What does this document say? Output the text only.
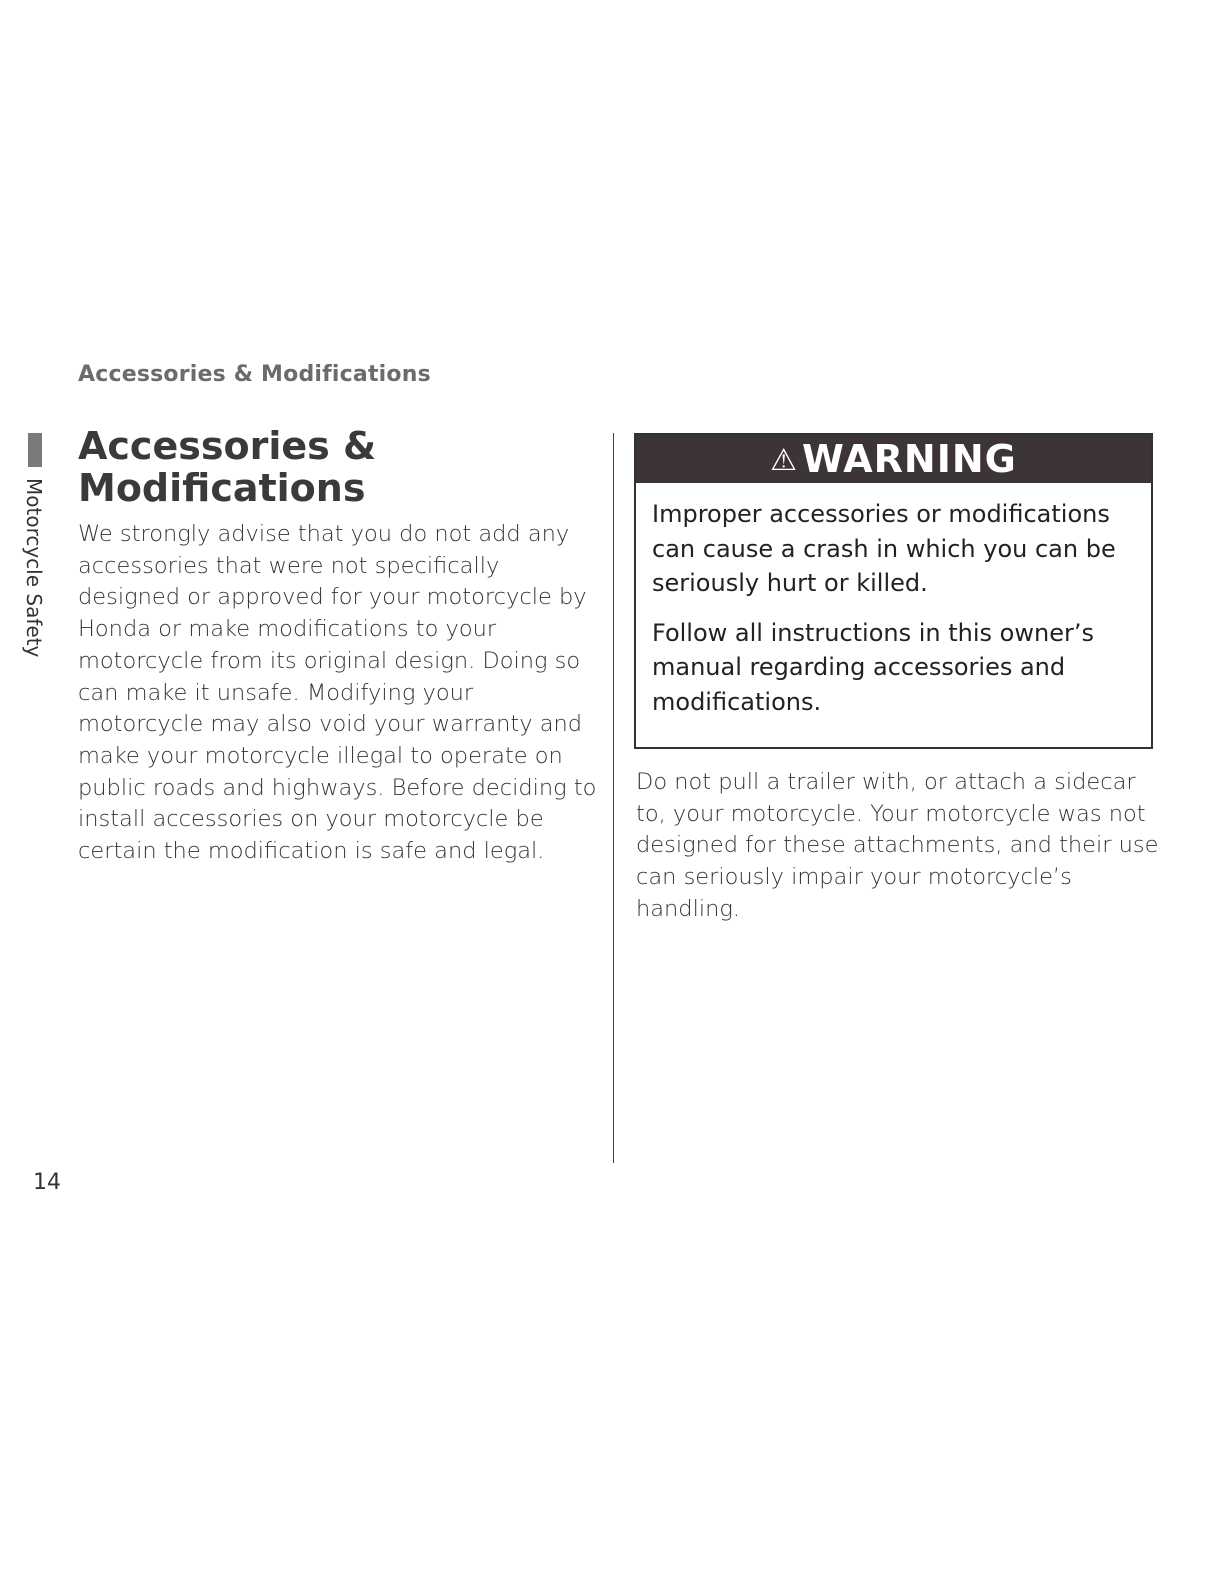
Accessories & Modifications
Motorcycle Safety
Accessories &
Modifications

We strongly advise that you do not add any accessories that were not specifically designed or approved for your motorcycle by Honda or make modifications to your motorcycle from its original design. Doing so can make it unsafe. Modifying your motorcycle may also void your warranty and make your motorcycle illegal to operate on public roads and highways. Before deciding to install accessories on your motorcycle be certain the modification is safe and legal.

⚠ WARNING

Improper accessories or modifications can cause a crash in which you can be seriously hurt or killed.

Follow all instructions in this owner’s manual regarding accessories and modifications.

Do not pull a trailer with, or attach a sidecar to, your motorcycle. Your motorcycle was not designed for these attachments, and their use can seriously impair your motorcycle’s handling.

14
